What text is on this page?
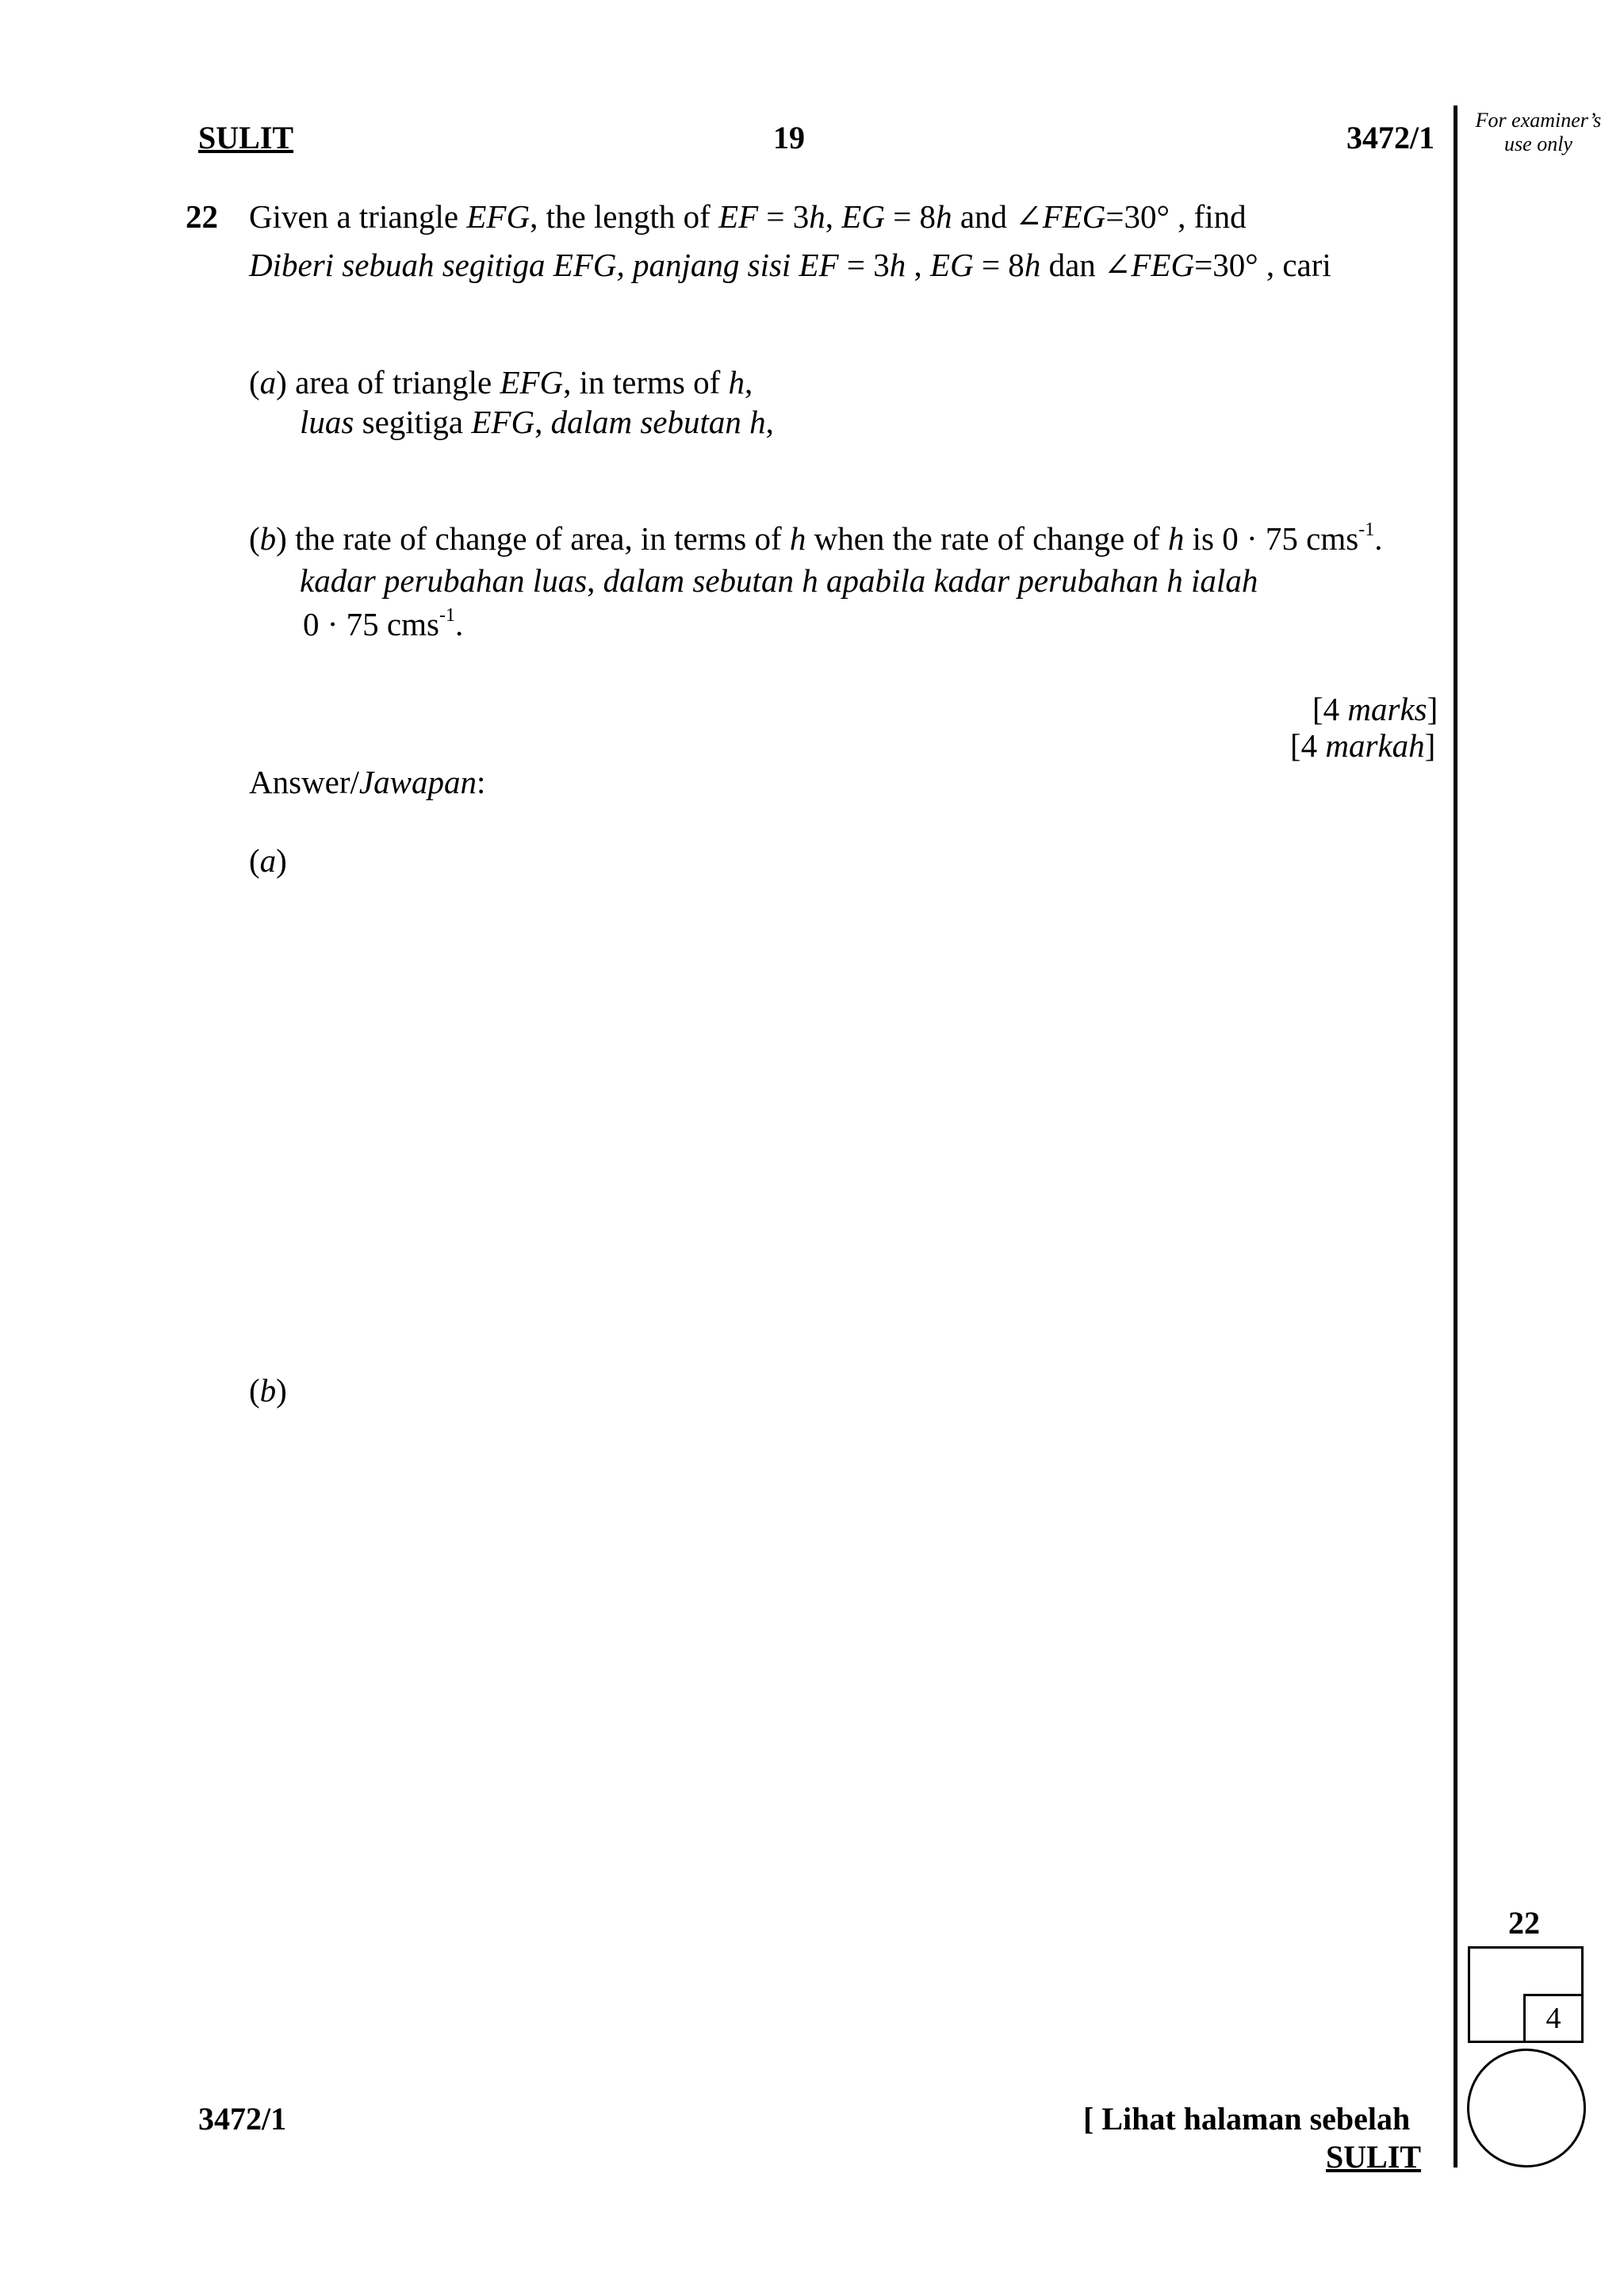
SULIT	19	3472/1 For examiner’s use only
22 Given a triangle EFG, the length of EF = 3h, EG = 8h and ∠FEG=30° , find
Diberi sebuah segitiga EFG, panjang sisi EF = 3h , EG = 8h dan ∠FEG=30° , cari
(a) area of triangle EFG, in terms of h,
luas segitiga EFG, dalam sebutan h,
(b) the rate of change of area, in terms of h when the rate of change of h is 0 · 75 cms$^{-1}$.
kadar perubahan luas, dalam sebutan h apabila kadar perubahan h ialah
0 · 75 cms$^{-1}$.
[4 marks]
[4 markah]
Answer/Jawapan:
(a)
(b)
22
4
3472/1	[ Lihat halaman sebelah
SULIT
